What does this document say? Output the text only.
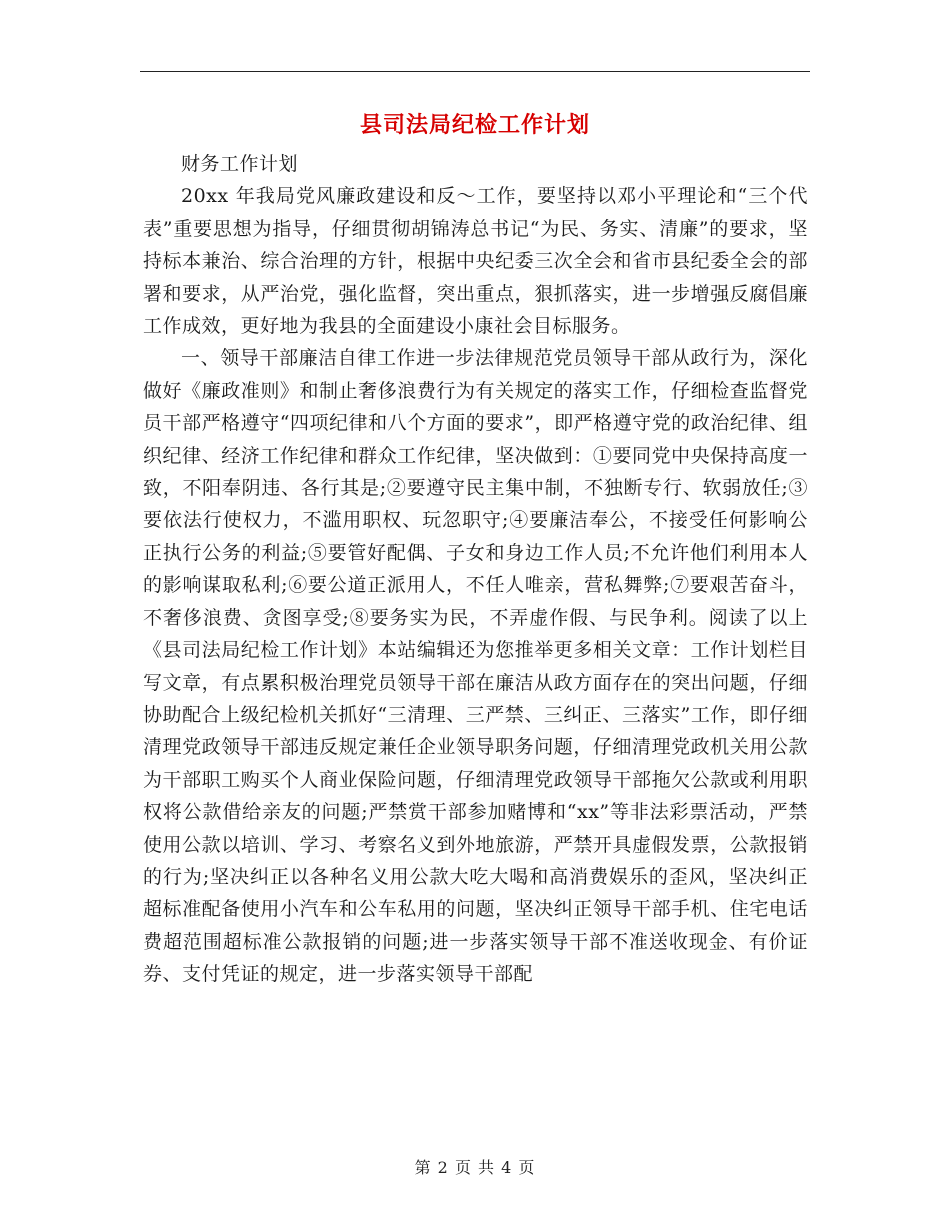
县司法局纪检工作计划

财务工作计划

20xx 年我局党风廉政建设和反～工作，要坚持以邓小平理论和“三个代表”重要思想为指导，仔细贯彻胡锦涛总书记“为民、务实、清廉”的要求，坚持标本兼治、综合治理的方针，根据中央纪委三次全会和省市县纪委全会的部署和要求，从严治党，强化监督，突出重点，狠抓落实，进一步增强反腐倡廉工作成效，更好地为我县的全面建设小康社会目标服务。

一、领导干部廉洁自律工作进一步法律规范党员领导干部从政行为，深化做好《廉政准则》和制止奢侈浪费行为有关规定的落实工作，仔细检查监督党员干部严格遵守“四项纪律和八个方面的要求”，即严格遵守党的政治纪律、组织纪律、经济工作纪律和群众工作纪律，坚决做到：①要同党中央保持高度一致，不阳奉阴违、各行其是;②要遵守民主集中制，不独断专行、软弱放任;③要依法行使权力，不滥用职权、玩忽职守;④要廉洁奉公，不接受任何影响公正执行公务的利益;⑤要管好配偶、子女和身边工作人员;不允许他们利用本人的影响谋取私利;⑥要公道正派用人，不任人唯亲，营私舞弊;⑦要艰苦奋斗，不奢侈浪费、贪图享受;⑧要务实为民，不弄虚作假、与民争利。阅读了以上《县司法局纪检工作计划》本站编辑还为您推举更多相关文章：工作计划栏目写文章，有点累积极治理党员领导干部在廉洁从政方面存在的突出问题，仔细协助配合上级纪检机关抓好“三清理、三严禁、三纠正、三落实”工作，即仔细清理党政领导干部违反规定兼任企业领导职务问题，仔细清理党政机关用公款为干部职工购买个人商业保险问题，仔细清理党政领导干部拖欠公款或利用职权将公款借给亲友的问题;严禁赏干部参加赌博和“xx”等非法彩票活动，严禁使用公款以培训、学习、考察名义到外地旅游，严禁开具虚假发票，公款报销的行为;坚决纠正以各种名义用公款大吃大喝和高消费娱乐的歪风，坚决纠正超标准配备使用小汽车和公车私用的问题，坚决纠正领导干部手机、住宅电话费超范围超标准公款报销的问题;进一步落实领导干部不准送收现金、有价证券、支付凭证的规定，进一步落实领导干部配

第 2 页 共 4 页
